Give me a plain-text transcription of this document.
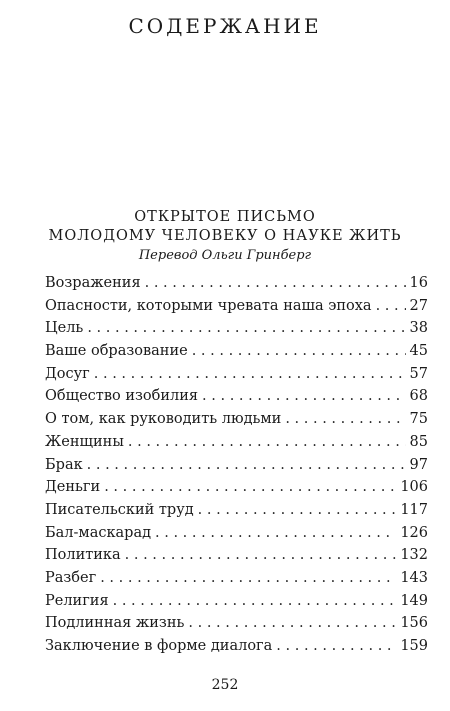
СОДЕРЖАНИЕ
ОТКРЫТОЕ ПИСЬМО
МОЛОДОМУ ЧЕЛОВЕКУ О НАУКЕ ЖИТЬ
Перевод Ольги Гринберг
Возражения . . .	16
Опасности, которыми чревата наша эпоха . . .	27
Цель . . .	38
Ваше образование . . .	45
Досуг . . .	57
Общество изобилия . . .	68
О том, как руководить людьми . . .	75
Женщины . . .	85
Брак . . .	97
Деньги . . .	106
Писательский труд . . .	117
Бал-маскарад . . .	126
Политика . . .	132
Разбег . . .	143
Религия . . .	149
Подлинная жизнь . . .	156
Заключение в форме диалога . . .	159
252
